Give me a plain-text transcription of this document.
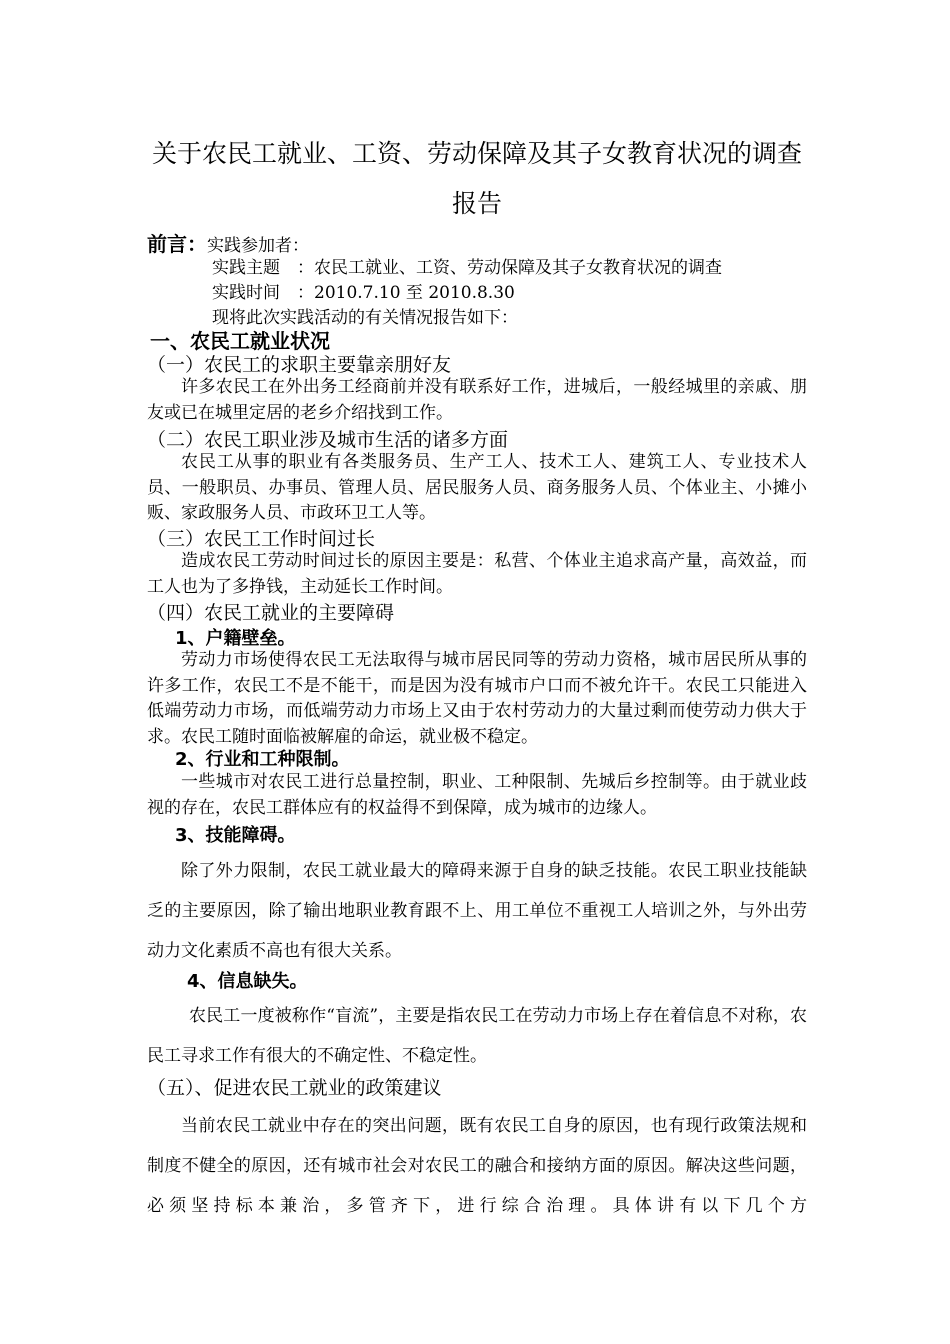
关于农民工就业、工资、劳动保障及其子女教育状况的调查
报告
前言：实践参加者：
实践主题　：农民工就业、工资、劳动保障及其子女教育状况的调查
实践时间　：2010.7.10 至 2010.8.30
现将此次实践活动的有关情况报告如下：
一、农民工就业状况
（一）农民工的求职主要靠亲朋好友
许多农民工在外出务工经商前并没有联系好工作，进城后，一般经城里的亲戚、朋友或已在城里定居的老乡介绍找到工作。
（二）农民工职业涉及城市生活的诸多方面
农民工从事的职业有各类服务员、生产工人、技术工人、建筑工人、专业技术人员、一般职员、办事员、管理人员、居民服务人员、商务服务人员、个体业主、小摊小贩、家政服务人员、市政环卫工人等。
（三）农民工工作时间过长
造成农民工劳动时间过长的原因主要是：私营、个体业主追求高产量，高效益，而工人也为了多挣钱，主动延长工作时间。
（四）农民工就业的主要障碍
1、户籍壁垒。
劳动力市场使得农民工无法取得与城市居民同等的劳动力资格，城市居民所从事的许多工作，农民工不是不能干，而是因为没有城市户口而不被允许干。农民工只能进入低端劳动力市场，而低端劳动力市场上又由于农村劳动力的大量过剩而使劳动力供大于求。农民工随时面临被解雇的命运，就业极不稳定。
2、行业和工种限制。
一些城市对农民工进行总量控制，职业、工种限制、先城后乡控制等。由于就业歧视的存在，农民工群体应有的权益得不到保障，成为城市的边缘人。
3、技能障碍。
除了外力限制，农民工就业最大的障碍来源于自身的缺乏技能。农民工职业技能缺乏的主要原因，除了输出地职业教育跟不上、用工单位不重视工人培训之外，与外出劳动力文化素质不高也有很大关系。
4、信息缺失。
农民工一度被称作“盲流”，主要是指农民工在劳动力市场上存在着信息不对称，农民工寻求工作有很大的不确定性、不稳定性。
（五）、促进农民工就业的政策建议
当前农民工就业中存在的突出问题，既有农民工自身的原因，也有现行政策法规和制度不健全的原因，还有城市社会对农民工的融合和接纳方面的原因。解决这些问题，必须坚持标本兼治，多管齐下，进行综合治理。具体讲有以下几个方
